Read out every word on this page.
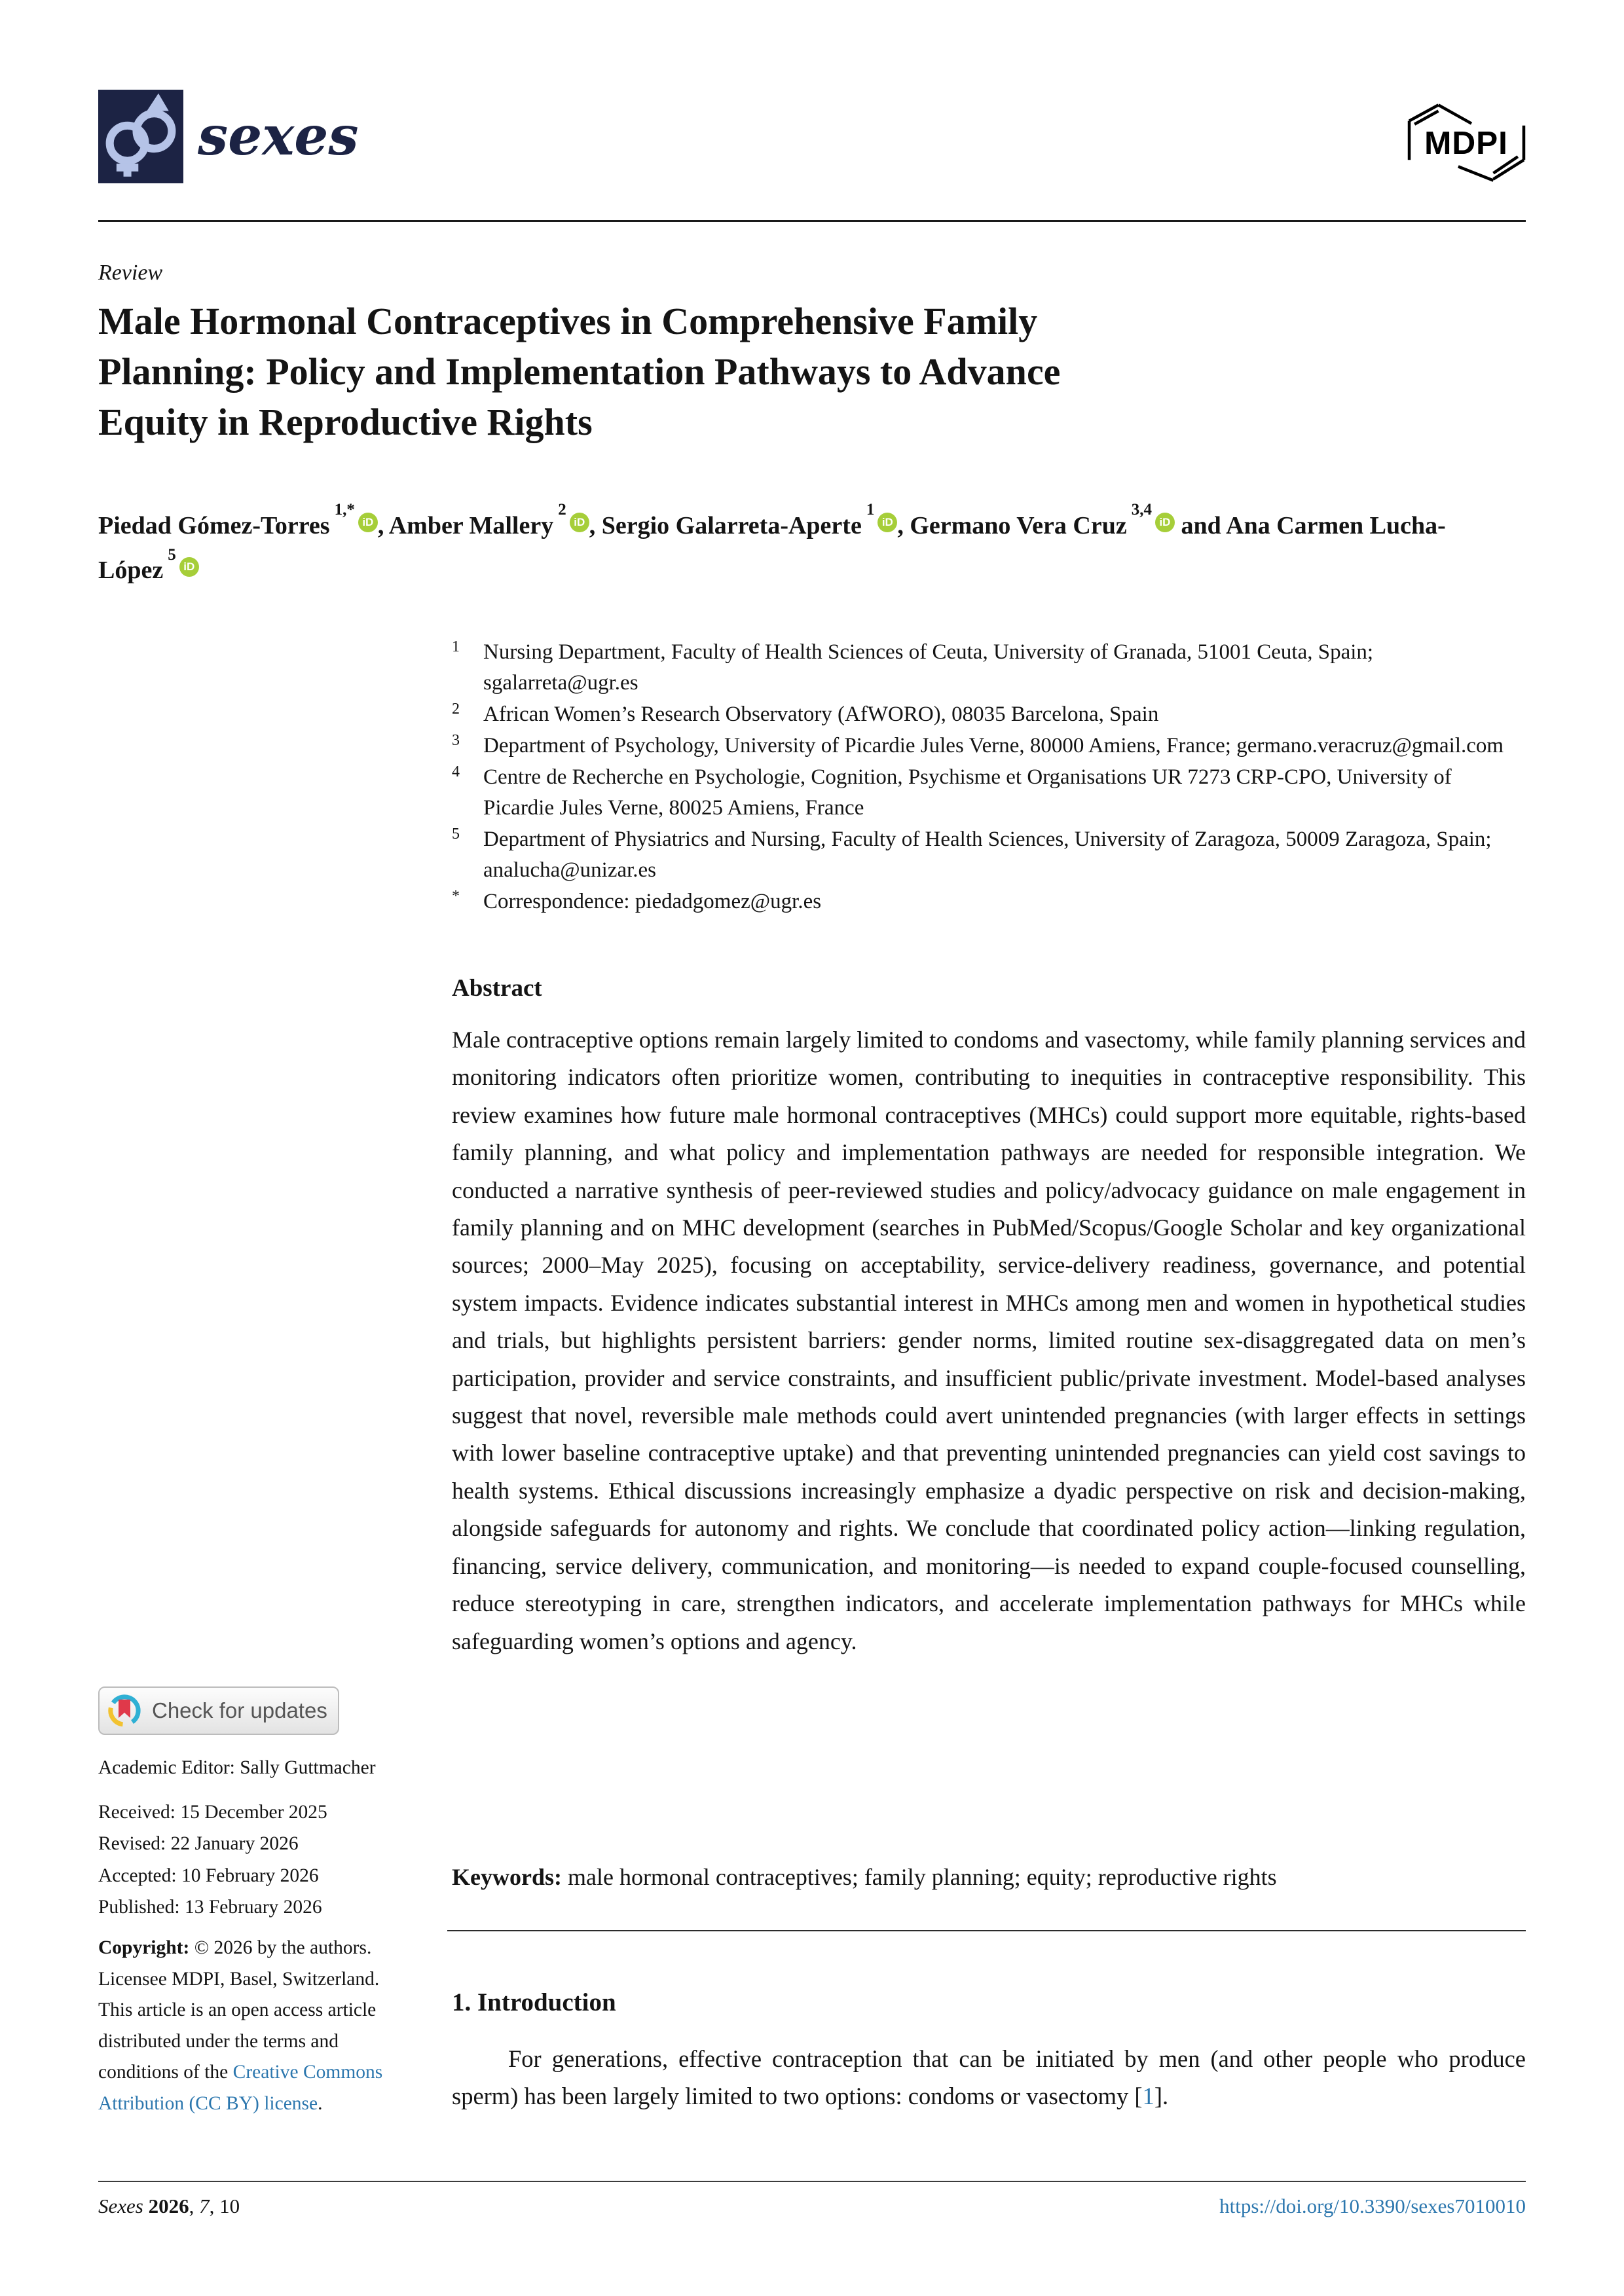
sexes	MDPI
Review
Male Hormonal Contraceptives in Comprehensive Family
Planning: Policy and Implementation Pathways to Advance
Equity in Reproductive Rights
Piedad Gómez-Torres$^{1,*}$iD , Amber Mallery$^2$iD , Sergio Galarreta-Aperte$^1$iD , Germano Vera Cruz$^{3,4}$iD and Ana Carmen Lucha-López$^5$iD
1	Nursing Department, Faculty of Health Sciences of Ceuta, University of Granada, 51001 Ceuta, Spain; sgalarreta@ugr.es
2	African Women’s Research Observatory (AfWORO), 08035 Barcelona, Spain
3	Department of Psychology, University of Picardie Jules Verne, 80000 Amiens, France; germano.veracruz@gmail.com
4	Centre de Recherche en Psychologie, Cognition, Psychisme et Organisations UR 7273 CRP-CPO, University of Picardie Jules Verne, 80025 Amiens, France
5	Department of Physiatrics and Nursing, Faculty of Health Sciences, University of Zaragoza, 50009 Zaragoza, Spain; analucha@unizar.es
*	Correspondence: piedadgomez@ugr.es
Abstract

Male contraceptive options remain largely limited to condoms and vasectomy, while family planning services and monitoring indicators often prioritize women, contributing to inequities in contraceptive responsibility. This review examines how future male hormonal contraceptives (MHCs) could support more equitable, rights-based family planning, and what policy and implementation pathways are needed for responsible integration. We conducted a narrative synthesis of peer-reviewed studies and policy/advocacy guidance on male engagement in family planning and on MHC development (searches in PubMed/Scopus/Google Scholar and key organizational sources; 2000–May 2025), focusing on acceptability, service-delivery readiness, governance, and potential system impacts. Evidence indicates substantial interest in MHCs among men and women in hypothetical studies and trials, but highlights persistent barriers: gender norms, limited routine sex-disaggregated data on men’s participation, provider and service constraints, and insufficient public/private investment. Model-based analyses suggest that novel, reversible male methods could avert unintended pregnancies (with larger effects in settings with lower baseline contraceptive uptake) and that preventing unintended pregnancies can yield cost savings to health systems. Ethical discussions increasingly emphasize a dyadic perspective on risk and decision-making, alongside safeguards for autonomy and rights. We conclude that coordinated policy action—linking regulation, financing, service delivery, communication, and monitoring—is needed to expand couple-focused counselling, reduce stereotyping in care, strengthen indicators, and accelerate implementation pathways for MHCs while safeguarding women’s options and agency.

Keywords: male hormonal contraceptives; family planning; equity; reproductive rights

1. Introduction

For generations, effective contraception that can be initiated by men (and other people who produce sperm) has been largely limited to two options: condoms or vasectomy [1].

Check for updates
Academic Editor: Sally Guttmacher
Received: 15 December 2025
Revised: 22 January 2026
Accepted: 10 February 2026
Published: 13 February 2026

Copyright: © 2026 by the authors. Licensee MDPI, Basel, Switzerland. This article is an open access article distributed under the terms and conditions of the Creative Commons Attribution (CC BY) license.

Sexes 2026, 7, 10	https://doi.org/10.3390/sexes7010010
